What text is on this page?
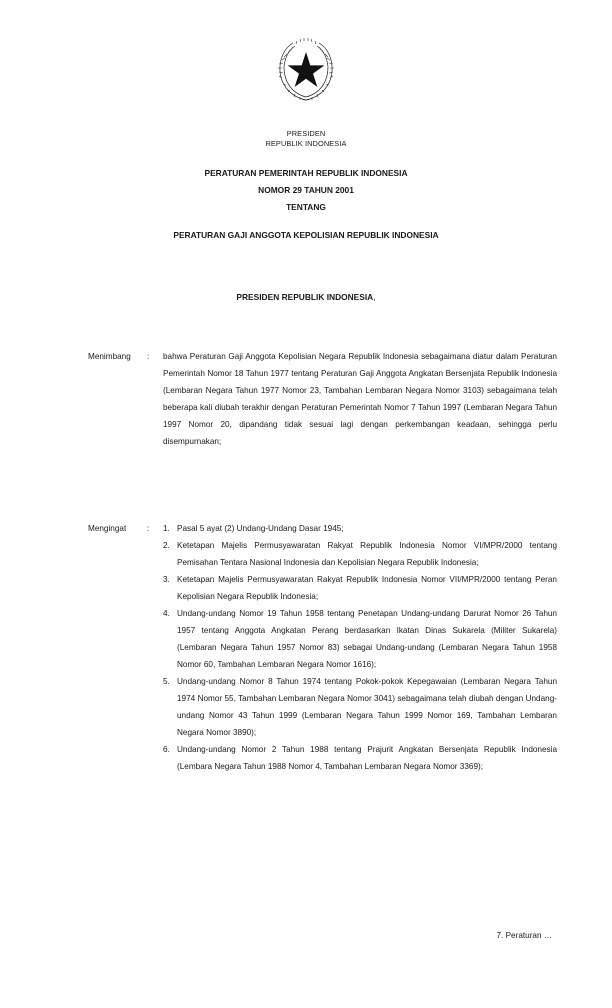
PRESIDEN
REPUBLIK INDONESIA
PERATURAN PEMERINTAH REPUBLIK INDONESIA
NOMOR 29 TAHUN 2001
TENTANG
PERATURAN GAJI ANGGOTA KEPOLISIAN REPUBLIK INDONESIA
PRESIDEN REPUBLIK INDONESIA,
Menimbang : bahwa Peraturan Gaji Anggota Kepolisian Negara Republik Indonesia sebagaimana diatur dalam Peraturan Pemerintah Nomor 18 Tahun 1977 tentang Peraturan Gaji Anggota Angkatan Bersenjata Republik Indonesia (Lembaran Negara Tahun 1977 Nomor 23, Tambahan Lembaran Negara Nomor 3103) sebagaimana telah beberapa kali diubah terakhir dengan Peraturan Pemerintah Nomor 7 Tahun 1997 (Lembaran Negara Tahun 1997 Nomor 20, dipandang tidak sesuai lagi dengan perkembangan keadaan, sehingga perlu disempurnakan;
Mengingat	: 1. Pasal 5 ayat (2) Undang-Undang Dasar 1945;
2. Ketetapan Majelis Permusyawaratan Rakyat Republik Indonesia Nomor VI/MPR/2000 tentang Pemisahan Tentara Nasional Indonesia dan Kepolisian Negara Republik Indonesia;
3. Ketetapan Majelis Permusyawaratan Rakyat Republik Indonesia Nomor VII/MPR/2000 tentang Peran Kepolisian Negara Republik Indonesia;
4. Undang-undang Nomor 19 Tahun 1958 tentang Penetapan Undang-undang Darurat Nomor 26 Tahun 1957 tentang Anggota Angkatan Perang berdasarkan Ikatan Dinas Sukarela (Militer Sukarela) (Lembaran Negara Tahun 1957 Nomor 83) sebagai Undang-undang (Lembaran Negara Tahun 1958 Nomor 60, Tambahan Lembaran Negara Nomor 1616);
5. Undang-undang Nomor 8 Tahun 1974 tentang Pokok-pokok Kepegawaian (Lembaran Negara Tahun 1974 Nomor 55, Tambahan Lembaran Negara Nomor 3041) sebagaimana telah diubah dengan Undang-undang Nomor 43 Tahun 1999 (Lembaran Negara Tahun 1999 Nomor 169, Tambahan Lembaran Negara Nomor 3890);
6. Undang-undang Nomor 2 Tahun 1988 tentang Prajurit Angkatan Bersenjata Republik Indonesia (Lembara Negara Tahun 1988 Nomor 4, Tambahan Lembaran Negara Nomor 3369);
7. Peraturan …
